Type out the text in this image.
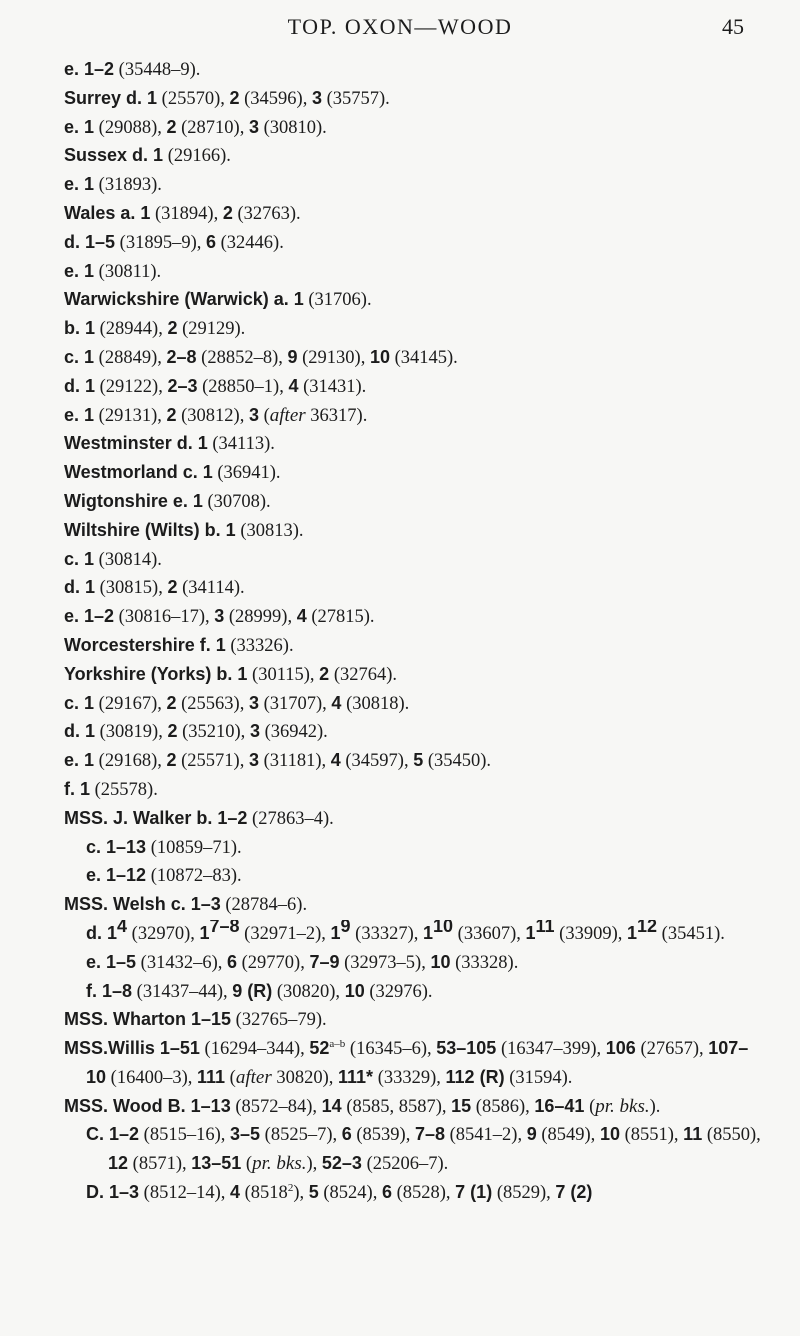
TOP. OXON—WOOD	45
e. 1–2 (35448–9).
Surrey d. 1 (25570), 2 (34596), 3 (35757).
e. 1 (29088), 2 (28710), 3 (30810).
Sussex d. 1 (29166).
e. 1 (31893).
Wales a. 1 (31894), 2 (32763).
d. 1–5 (31895–9), 6 (32446).
e. 1 (30811).
Warwickshire (Warwick) a. 1 (31706).
b. 1 (28944), 2 (29129).
c. 1 (28849), 2–8 (28852–8), 9 (29130), 10 (34145).
d. 1 (29122), 2–3 (28850–1), 4 (31431).
e. 1 (29131), 2 (30812), 3 (after 36317).
Westminster d. 1 (34113).
Westmorland c. 1 (36941).
Wigtonshire e. 1 (30708).
Wiltshire (Wilts) b. 1 (30813).
c. 1 (30814).
d. 1 (30815), 2 (34114).
e. 1–2 (30816–17), 3 (28999), 4 (27815).
Worcestershire f. 1 (33326).
Yorkshire (Yorks) b. 1 (30115), 2 (32764).
c. 1 (29167), 2 (25563), 3 (31707), 4 (30818).
d. 1 (30819), 2 (35210), 3 (36942).
e. 1 (29168), 2 (25571), 3 (31181), 4 (34597), 5 (35450).
f. 1 (25578).
MSS. J. Walker b. 1–2 (27863–4).
c. 1–13 (10859–71).
e. 1–12 (10872–83).
MSS. Welsh c. 1–3 (28784–6).
d. $1^4$ (32970), 1$^{7-8}$ (32971–2), $1^9$ (33327), $1^{10}$ (33607), $1^{11}$ (33909), $1^{12}$ (35451).
e. 1–5 (31432–6), 6 (29770), 7–9 (32973–5), 10 (33328).
f. 1–8 (31437–44), 9 (R) (30820), 10 (32976).
MSS. Wharton 1–15 (32765–79).
MSS.Willis 1–51 (16294–344), 52$^{a-b}$ (16345–6), 53–105 (16347–399), 106 (27657), 107–10 (16400–3), 111 (after 30820), 111* (33329), 112 (R) (31594).
MSS. Wood B. 1–13 (8572–84), 14 (8585, 8587), 15 (8586), 16–41 (pr. bks.).
C. 1–2 (8515–16), 3–5 (8525–7), 6 (8539), 7–8 (8541–2), 9 (8549), 10 (8551), 11 (8550), 12 (8571), 13–51 (pr. bks.), 52–3 (25206–7).
D. 1–3 (8512–14), 4 (8518$^2$), 5 (8524), 6 (8528), 7 (1) (8529), 7 (2)
